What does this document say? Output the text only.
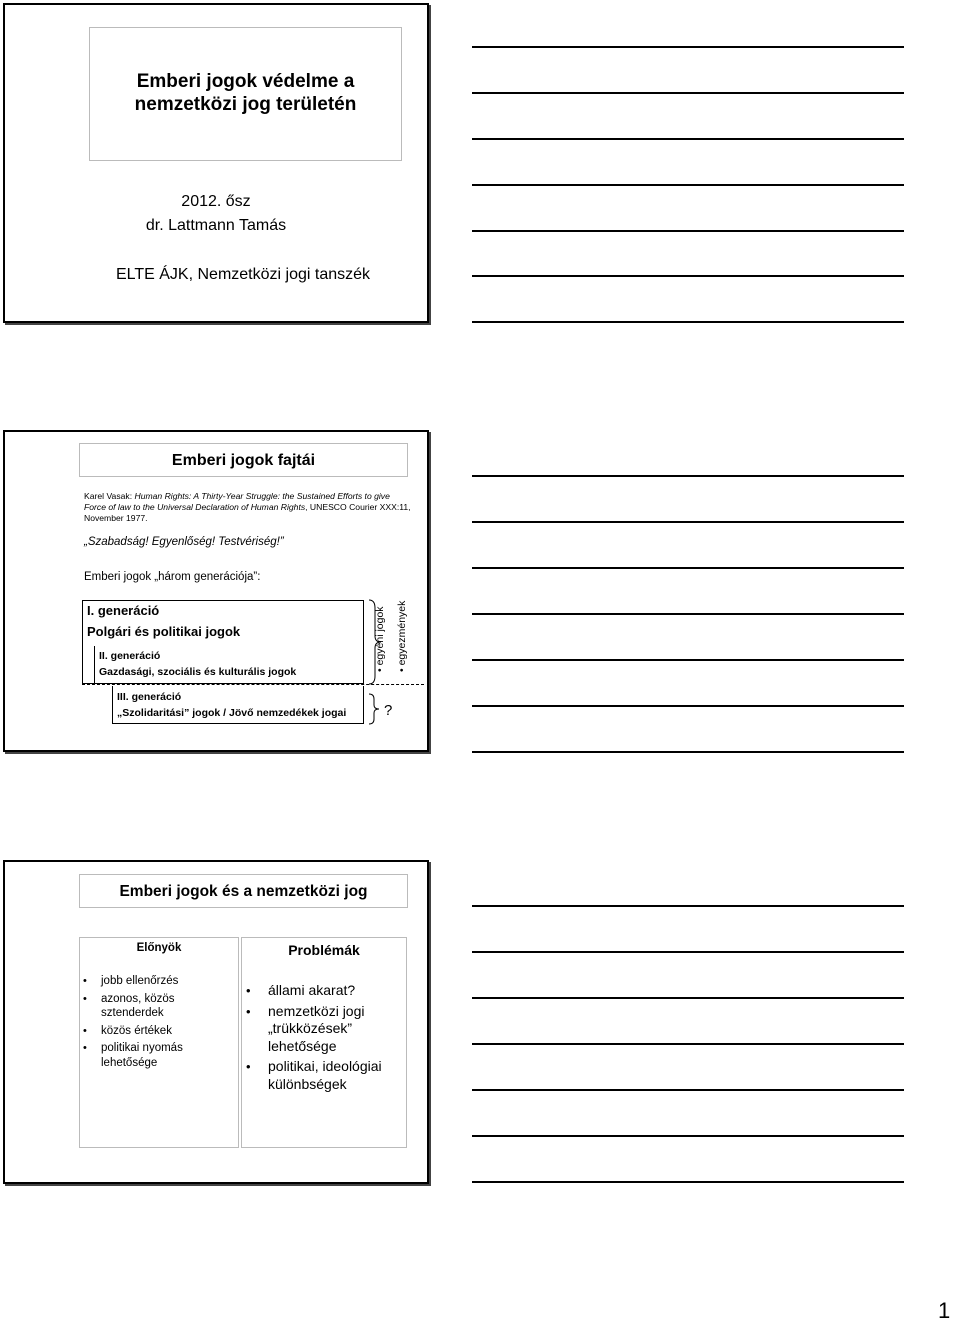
Emberi jogok védelme a
nemzetközi jog területén
2012. ősz
dr. Lattmann Tamás
ELTE ÁJK, Nemzetközi jogi tanszék
Emberi jogok fajtái
Karel Vasak: Human Rights: A Thirty-Year Struggle: the Sustained Efforts to give Force of law to the Universal Declaration of Human Rights, UNESCO Courier XXX:11, November 1977.
„Szabadság! Egyenlőség! Testvériség!”
Emberi jogok „három generációja”:
I. generáció
Polgári és politikai jogok
II. generáció
Gazdasági, szociális és kulturális jogok
III. generáció
„Szolidaritási” jogok / Jövő nemzedékek jogai
• egyéni jogok
• egyezmények
?
Emberi jogok és a nemzetközi jog
Előnyök
• jobb ellenőrzés
• azonos, közös sztenderdek
• közös értékek
• politikai nyomás lehetősége
Problémák
• állami akarat?
• nemzetközi jogi „trükközések” lehetősége
• politikai, ideológiai különbségek
1
